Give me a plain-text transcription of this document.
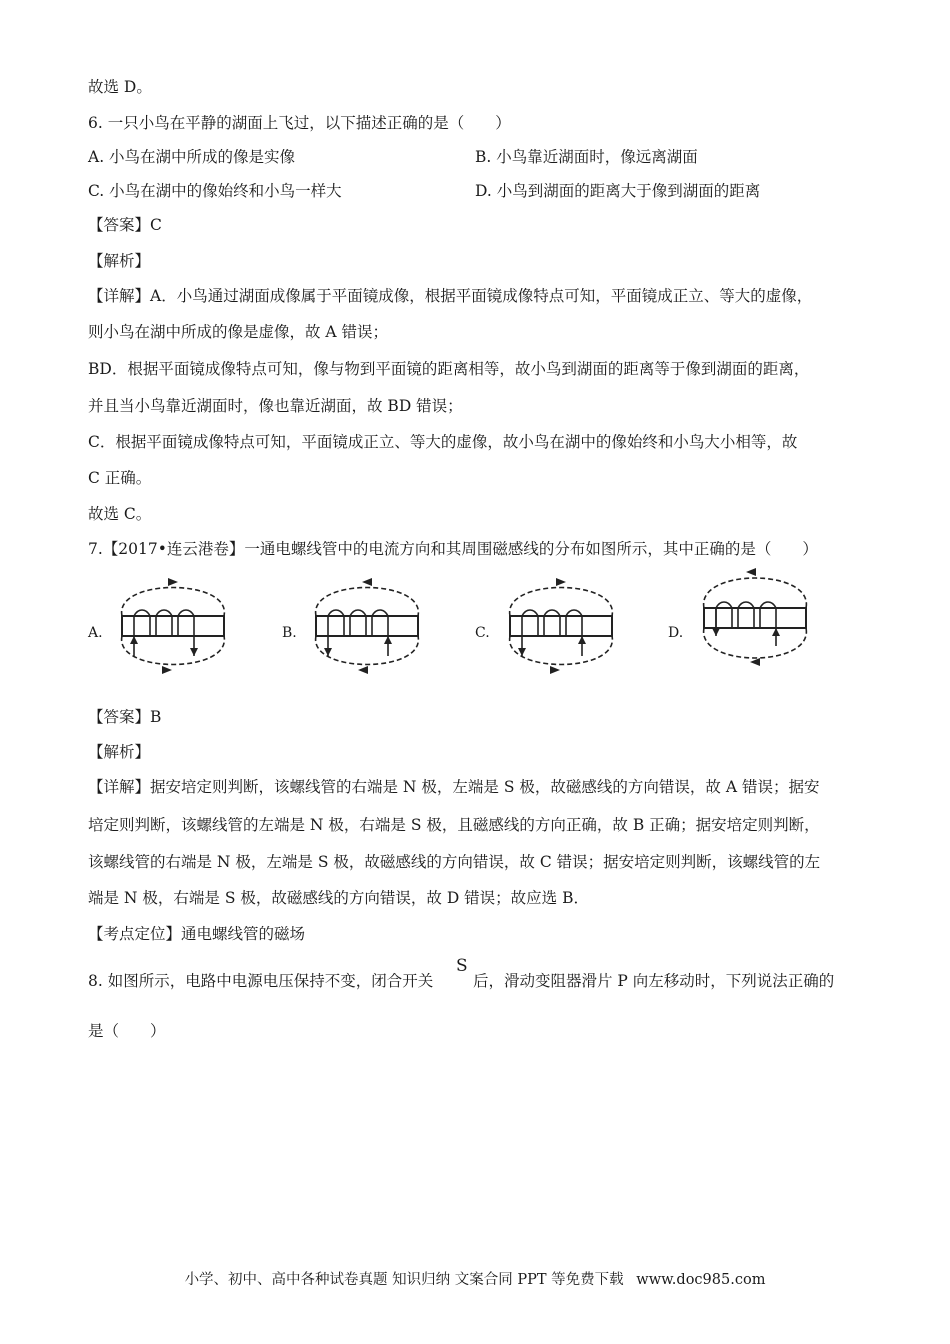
故选 D。
6. 一只小鸟在平静的湖面上飞过，以下描述正确的是（　　）
A. 小鸟在湖中所成的像是实像	B. 小鸟靠近湖面时，像远离湖面
C. 小鸟在湖中的像始终和小鸟一样大	D. 小鸟到湖面的距离大于像到湖面的距离
【答案】C
【解析】
【详解】A．小鸟通过湖面成像属于平面镜成像，根据平面镜成像特点可知，平面镜成正立、等大的虚像，
则小鸟在湖中所成的像是虚像，故 A 错误；
BD．根据平面镜成像特点可知，像与物到平面镜的距离相等，故小鸟到湖面的距离等于像到湖面的距离，
并且当小鸟靠近湖面时，像也靠近湖面，故 BD 错误；
C．根据平面镜成像特点可知，平面镜成正立、等大的虚像，故小鸟在湖中的像始终和小鸟大小相等，故
C 正确。
故选 C。
7.【2017•连云港卷】一通电螺线管中的电流方向和其周围磁感线的分布如图所示，其中正确的是（　　）
A.	B.	C.	D.
【答案】B
【解析】
【详解】据安培定则判断，该螺线管的右端是 N 极，左端是 S 极，故磁感线的方向错误，故 A 错误；据安
培定则判断，该螺线管的左端是 N 极，右端是 S 极，且磁感线的方向正确，故 B 正确；据安培定则判断，
该螺线管的右端是 N 极，左端是 S 极，故磁感线的方向错误，故 C 错误；据安培定则判断，该螺线管的左
端是 N 极，右端是 S 极，故磁感线的方向错误，故 D 错误；故应选 B．
【考点定位】通电螺线管的磁场
8. 如图所示，电路中电源电压保持不变，闭合开关
S
后，滑动变阻器滑片 P 向左移动时，下列说法正确的
是（　　）
小学、初中、高中各种试卷真题 知识归纳 文案合同 PPT 等免费下载 www.doc985.com
